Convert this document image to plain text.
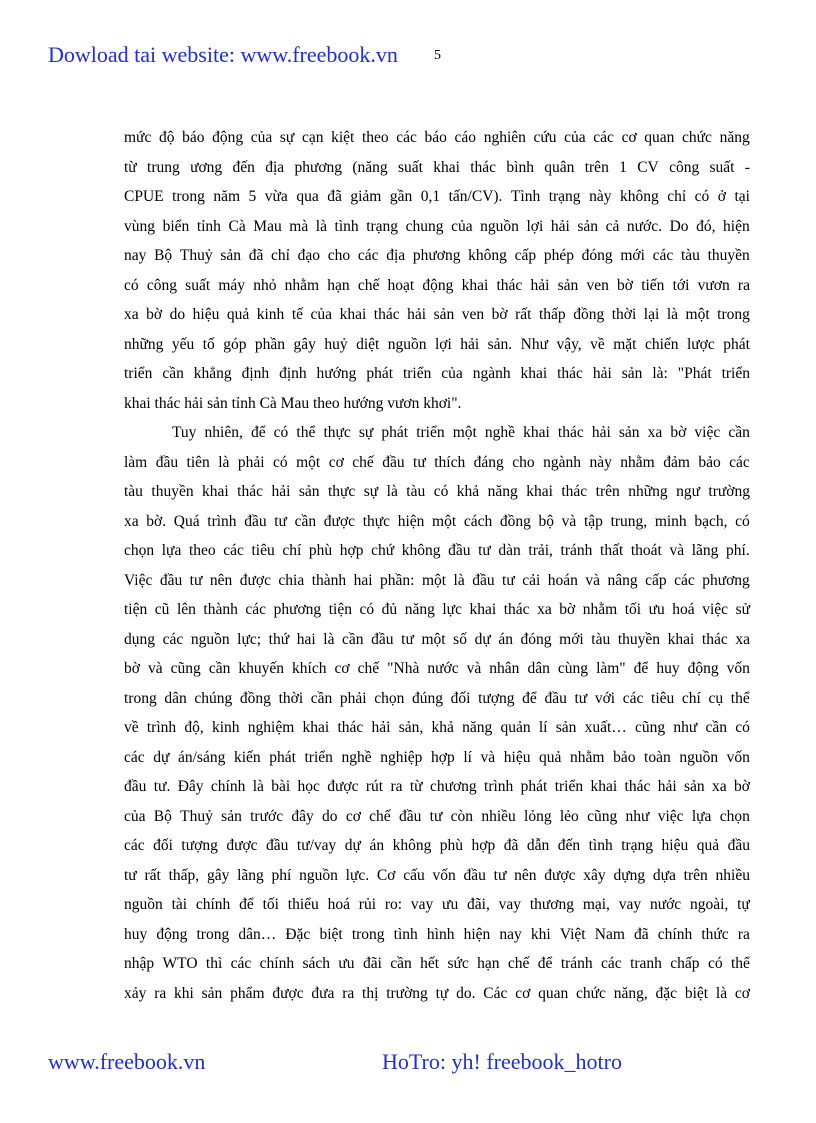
Dowload tai website: www.freebook.vn	5
mức độ báo động của sự cạn kiệt theo các báo cáo nghiên cứu của các cơ quan chức năng
từ trung ương đến địa phương (năng suất khai thác bình quân trên 1 CV công suất -
CPUE trong năm 5 vừa qua đã giảm gần 0,1 tấn/CV). Tình trạng này không chỉ có ở tại
vùng biển tỉnh Cà Mau mà là tình trạng chung của nguồn lợi hải sản cả nước. Do đó, hiện
nay Bộ Thuỷ sản đã chỉ đạo cho các địa phương không cấp phép đóng mới các tàu thuyền
có công suất máy nhỏ nhằm hạn chế hoạt động khai thác hải sản ven bờ tiến tới vươn ra
xa bờ do hiệu quả kinh tế của khai thác hải sản ven bờ rất thấp đồng thời lại là một trong
những yếu tố góp phần gây huỷ diệt nguồn lợi hải sản. Như vậy, về mặt chiến lược phát
triển cần khẳng định định hướng phát triển của ngành khai thác hải sản là: "Phát triển
khai thác hải sản tỉnh Cà Mau theo hướng vươn khơi".
Tuy nhiên, để có thể thực sự phát triển một nghề khai thác hải sản xa bờ việc cần
làm đầu tiên là phải có một cơ chế đầu tư thích đáng cho ngành này nhằm đảm bảo các
tàu thuyền khai thác hải sản thực sự là tàu có khả năng khai thác trên những ngư trường
xa bờ. Quá trình đầu tư cần được thực hiện một cách đồng bộ và tập trung, minh bạch, có
chọn lựa theo các tiêu chí phù hợp chứ không đầu tư dàn trải, tránh thất thoát và lãng phí.
Việc đầu tư nên được chia thành hai phần: một là đầu tư cải hoán và nâng cấp các phương
tiện cũ lên thành các phương tiện có đủ năng lực khai thác xa bờ nhằm tối ưu hoá việc sử
dụng các nguồn lực; thứ hai là cần đầu tư một số dự án đóng mới tàu thuyền khai thác xa
bờ và cũng cần khuyến khích cơ chế "Nhà nước và nhân dân cùng làm" để huy động vốn
trong dân chúng đồng thời cần phải chọn đúng đối tượng để đầu tư với các tiêu chí cụ thể
về trình độ, kinh nghiệm khai thác hải sản, khả năng quản lí sản xuất… cũng như cần có
các dự án/sáng kiến phát triển nghề nghiệp hợp lí và hiệu quả nhằm bảo toàn nguồn vốn
đầu tư. Đây chính là bài học được rút ra từ chương trình phát triển khai thác hải sản xa bờ
của Bộ Thuỷ sản trước đây do cơ chế đầu tư còn nhiều lỏng lẻo cũng như việc lựa chọn
các đối tượng được đầu tư/vay dự án không phù hợp đã dẫn đến tình trạng hiệu quả đầu
tư rất thấp, gây lãng phí nguồn lực. Cơ cấu vốn đầu tư nên được xây dựng dựa trên nhiều
nguồn tài chính để tối thiểu hoá rủi ro: vay ưu đãi, vay thương mại, vay nước ngoài, tự
huy động trong dân… Đặc biệt trong tình hình hiện nay khi Việt Nam đã chính thức ra
nhập WTO thì các chính sách ưu đãi cần hết sức hạn chế để tránh các tranh chấp có thể
xảy ra khi sản phẩm được đưa ra thị trường tự do. Các cơ quan chức năng, đặc biệt là cơ
www.freebook.vn	HoTro: yh! freebook_hotro
